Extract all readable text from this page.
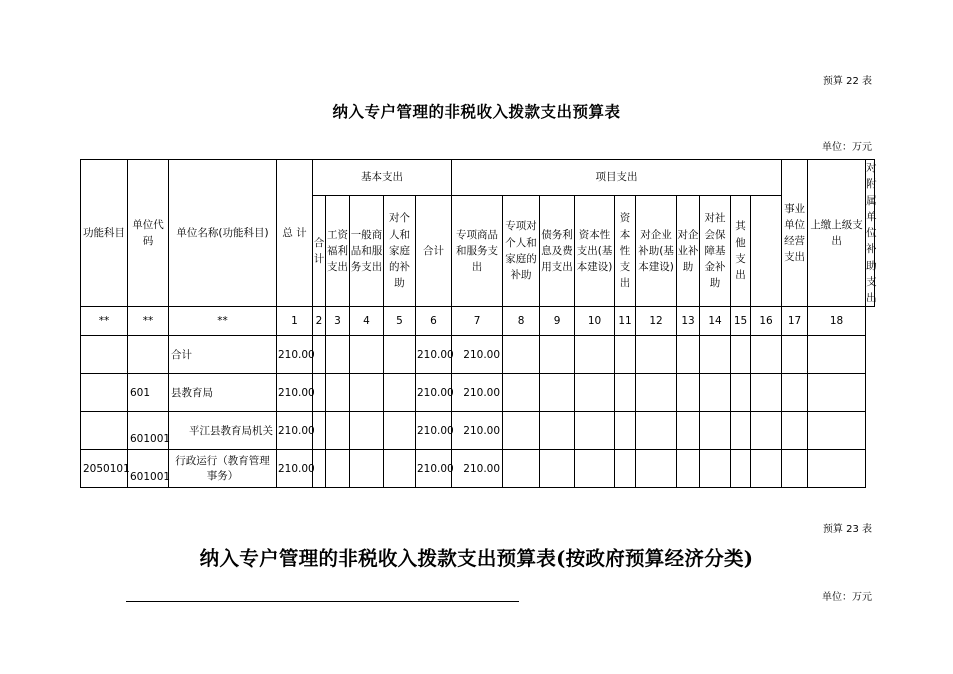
预算 22 表
纳入专户管理的非税收入拨款支出预算表
单位：万元
功能科目	单位代码	单位名称(功能科目)	总 计	基本支出					项目支出										事业单位经营支出	上缴上级支出	对附属单位补助支出
				合计	工资福利支出	一般商品和服务支出	对个人和家庭的补助	合计	专项商品和服务支出	专项对个人和家庭的补助	债务利息及费用支出	资本性支出(基本建设)	资本性支出	对企业补助(基本建设)	对企业补助	对社会保障基金补助	其他支出				
**	**	**	1	2	3	4	5	6	7	8	9	10	11	12	13	14	15	16	17	18	
		合计	210.00					210.00	210.00												
	601	县教育局	210.00					210.00	210.00												
	601001	平江县教育局机关	210.00					210.00	210.00												
2050101	601001	行政运行（教育管理事务）	210.00					210.00	210.00												
预算 23 表
纳入专户管理的非税收入拨款支出预算表(按政府预算经济分类)
单位：万元
